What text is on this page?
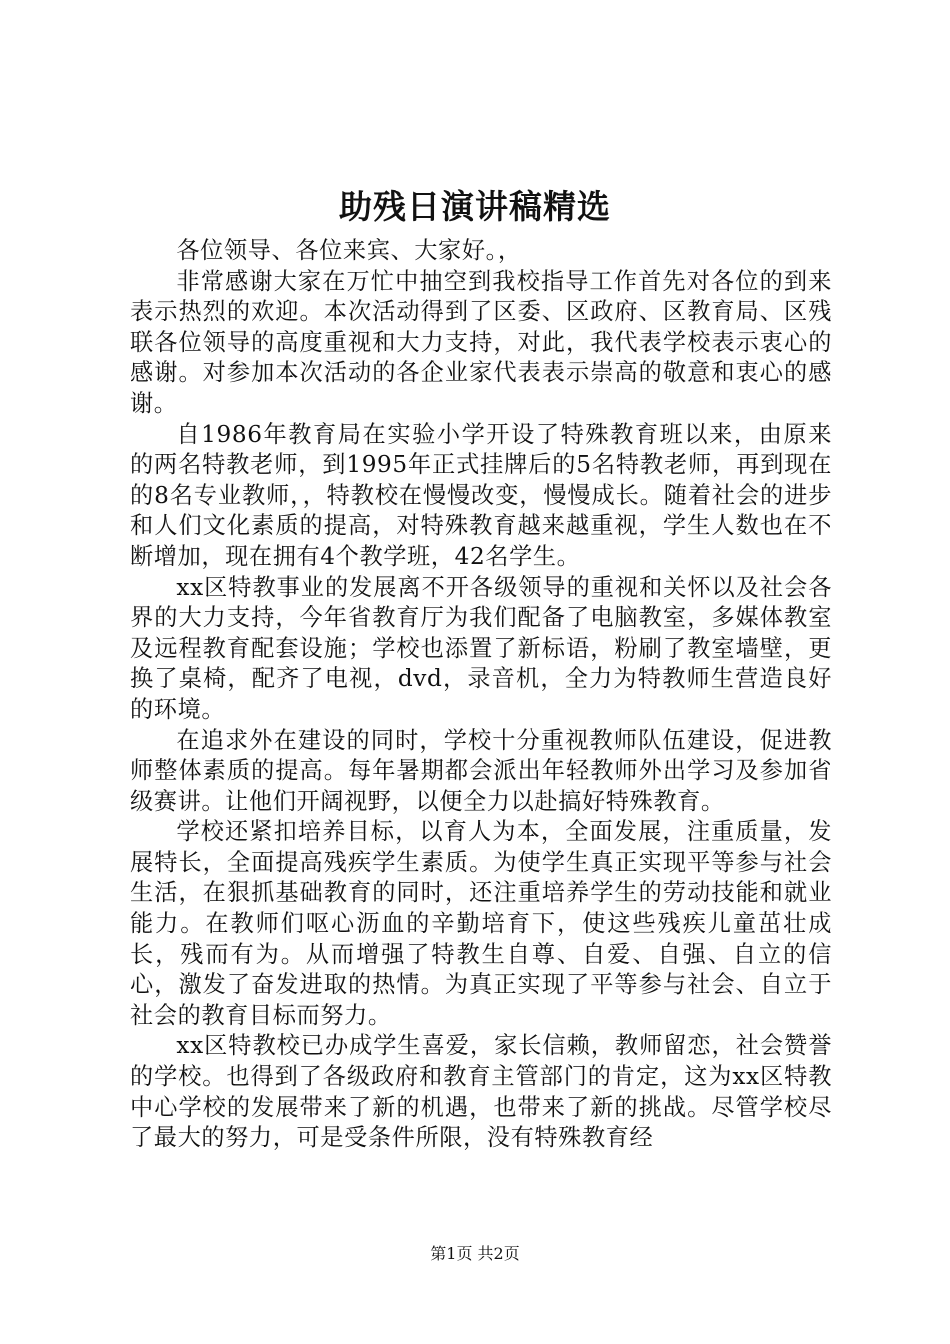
助残日演讲稿精选

各位领导、各位来宾、大家好。，

非常感谢大家在万忙中抽空到我校指导工作首先对各位的到来表示热烈的欢迎。本次活动得到了区委、区政府、区教育局、区残联各位领导的高度重视和大力支持，对此，我代表学校表示衷心的感谢。对参加本次活动的各企业家代表表示崇高的敬意和衷心的感谢。

自1986年教育局在实验小学开设了特殊教育班以来，由原来的两名特教老师，到1995年正式挂牌后的5名特教老师，再到现在的8名专业教师，，特教校在慢慢改变，慢慢成长。随着社会的进步和人们文化素质的提高，对特殊教育越来越重视，学生人数也在不断增加，现在拥有4个教学班，42名学生。

xx区特教事业的发展离不开各级领导的重视和关怀以及社会各界的大力支持，今年省教育厅为我们配备了电脑教室，多媒体教室及远程教育配套设施；学校也添置了新标语，粉刷了教室墙壁，更换了桌椅，配齐了电视，dvd，录音机，全力为特教师生营造良好的环境。

在追求外在建设的同时，学校十分重视教师队伍建设，促进教师整体素质的提高。每年暑期都会派出年轻教师外出学习及参加省级赛讲。让他们开阔视野，以便全力以赴搞好特殊教育。

学校还紧扣培养目标，以育人为本，全面发展，注重质量，发展特长，全面提高残疾学生素质。为使学生真正实现平等参与社会生活，在狠抓基础教育的同时，还注重培养学生的劳动技能和就业能力。在教师们呕心沥血的辛勤培育下，使这些残疾儿童茁壮成长，残而有为。从而增强了特教生自尊、自爱、自强、自立的信心，激发了奋发进取的热情。为真正实现了平等参与社会、自立于社会的教育目标而努力。

xx区特教校已办成学生喜爱，家长信赖，教师留恋，社会赞誉的学校。也得到了各级政府和教育主管部门的肯定，这为xx区特教中心学校的发展带来了新的机遇，也带来了新的挑战。尽管学校尽了最大的努力，可是受条件所限，没有特殊教育经

第1页 共2页
